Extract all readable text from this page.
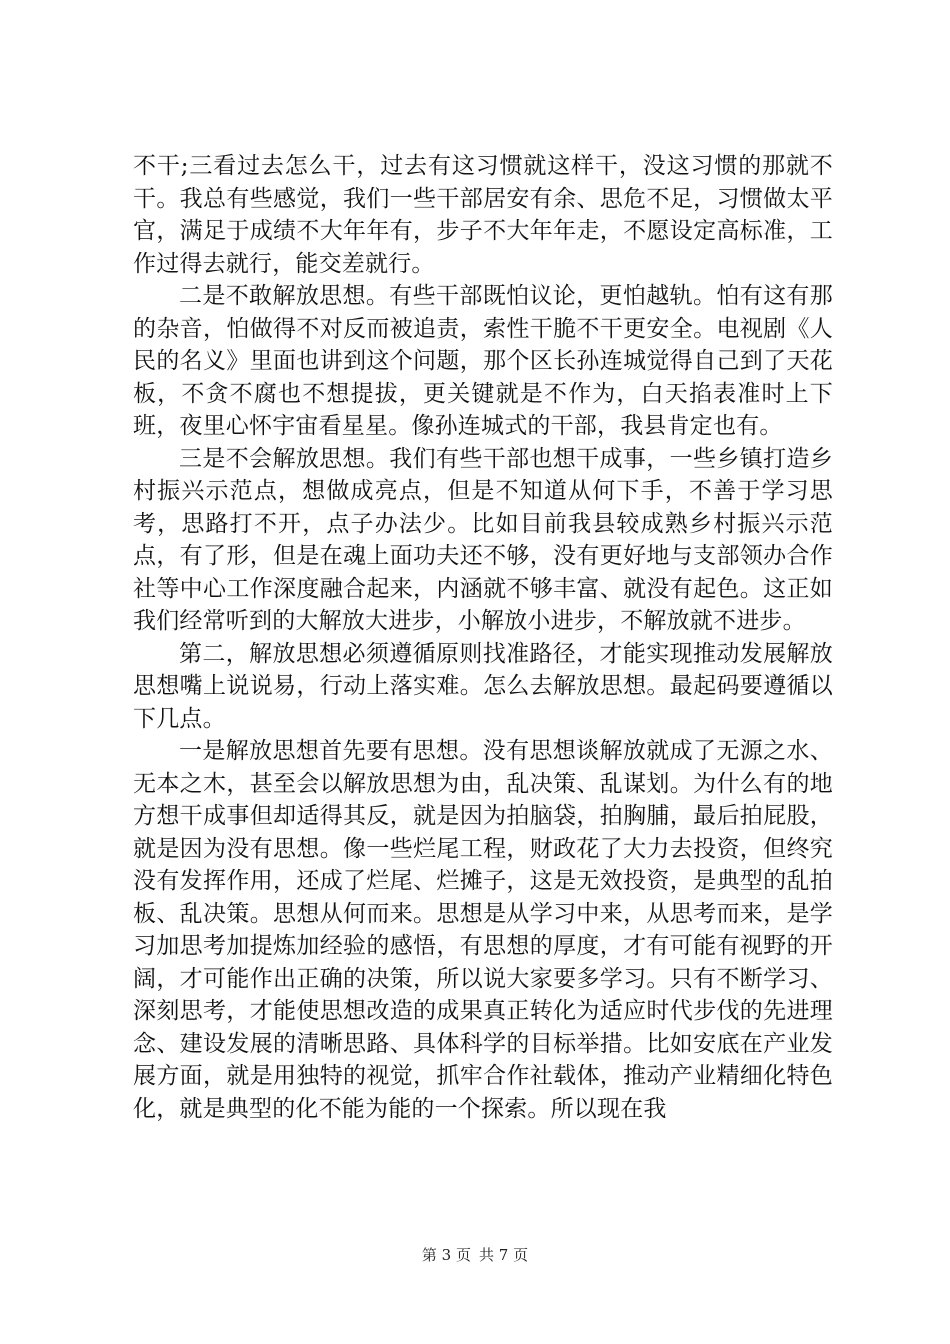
不干;三看过去怎么干，过去有这习惯就这样干，没这习惯的那就不干。我总有些感觉，我们一些干部居安有余、思危不足，习惯做太平官，满足于成绩不大年年有，步子不大年年走，不愿设定高标准，工作过得去就行，能交差就行。

二是不敢解放思想。有些干部既怕议论，更怕越轨。怕有这有那的杂音，怕做得不对反而被追责，索性干脆不干更安全。电视剧《人民的名义》里面也讲到这个问题，那个区长孙连城觉得自己到了天花板，不贪不腐也不想提拔，更关键就是不作为，白天掐表准时上下班，夜里心怀宇宙看星星。像孙连城式的干部，我县肯定也有。

三是不会解放思想。我们有些干部也想干成事，一些乡镇打造乡村振兴示范点，想做成亮点，但是不知道从何下手，不善于学习思考，思路打不开，点子办法少。比如目前我县较成熟乡村振兴示范点，有了形，但是在魂上面功夫还不够，没有更好地与支部领办合作社等中心工作深度融合起来，内涵就不够丰富、就没有起色。这正如我们经常听到的大解放大进步，小解放小进步，不解放就不进步。

第二，解放思想必须遵循原则找准路径，才能实现推动发展解放思想嘴上说说易，行动上落实难。怎么去解放思想。最起码要遵循以下几点。

一是解放思想首先要有思想。没有思想谈解放就成了无源之水、无本之木，甚至会以解放思想为由，乱决策、乱谋划。为什么有的地方想干成事但却适得其反，就是因为拍脑袋，拍胸脯，最后拍屁股，就是因为没有思想。像一些烂尾工程，财政花了大力去投资，但终究没有发挥作用，还成了烂尾、烂摊子，这是无效投资，是典型的乱拍板、乱决策。思想从何而来。思想是从学习中来，从思考而来，是学习加思考加提炼加经验的感悟，有思想的厚度，才有可能有视野的开阔，才可能作出正确的决策，所以说大家要多学习。只有不断学习、深刻思考，才能使思想改造的成果真正转化为适应时代步伐的先进理念、建设发展的清晰思路、具体科学的目标举措。比如安底在产业发展方面，就是用独特的视觉，抓牢合作社载体，推动产业精细化特色化，就是典型的化不能为能的一个探索。所以现在我

第 3 页 共 7 页
